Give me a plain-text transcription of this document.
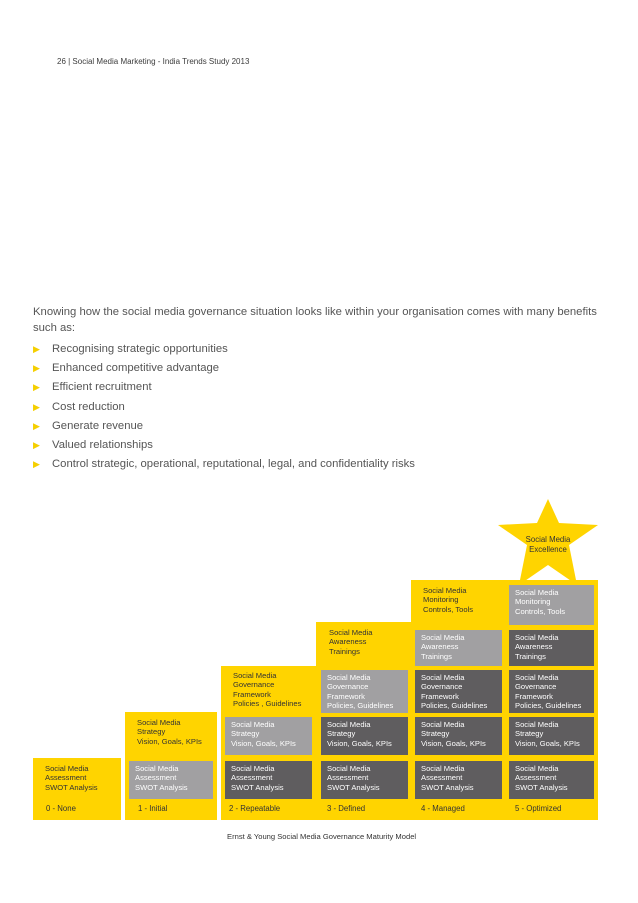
26 | Social Media Marketing - India Trends Study 2013
Knowing how the social media governance situation looks like within your organisation comes with many benefits such as:
▶ Recognising strategic opportunities
▶ Enhanced competitive advantage
▶ Efficient recruitment
▶ Cost reduction
▶ Generate revenue
▶ Valued relationships
▶ Control strategic, operational, reputational, legal, and confidentiality risks
Social Media
Assessment
SWOT Analysis
Social Media
Assessment
SWOT Analysis
Social Media
Strategy
Vision, Goals, KPIs
Social Media
Assessment
SWOT Analysis
Social Media
Strategy
Vision, Goals, KPIs
Social Media
Governance
Framework
Policies , Guidelines
Social Media
Assessment
SWOT Analysis
Social Media
Strategy
Vision, Goals, KPIs
Social Media
Governance
Framework
Policies, Guidelines
Social Media
Awareness
Trainings
Social Media
Assessment
SWOT Analysis
Social Media
Strategy
Vision, Goals, KPIs
Social Media
Governance
Framework
Policies, Guidelines
Social Media
Awareness
Trainings
Social Media
Monitoring
Controls, Tools
Social Media
Assessment
SWOT Analysis
Social Media
Strategy
Vision, Goals, KPIs
Social Media
Governance
Framework
Policies, Guidelines
Social Media
Awareness
Trainings
Social Media
Monitoring
Controls, Tools
0 - None	1 - Initial	2 - Repeatable	3 - Defined	4 - Managed	5 - Optimized
Social Media
Excellence
Ernst & Young Social Media Governance Maturity Model
